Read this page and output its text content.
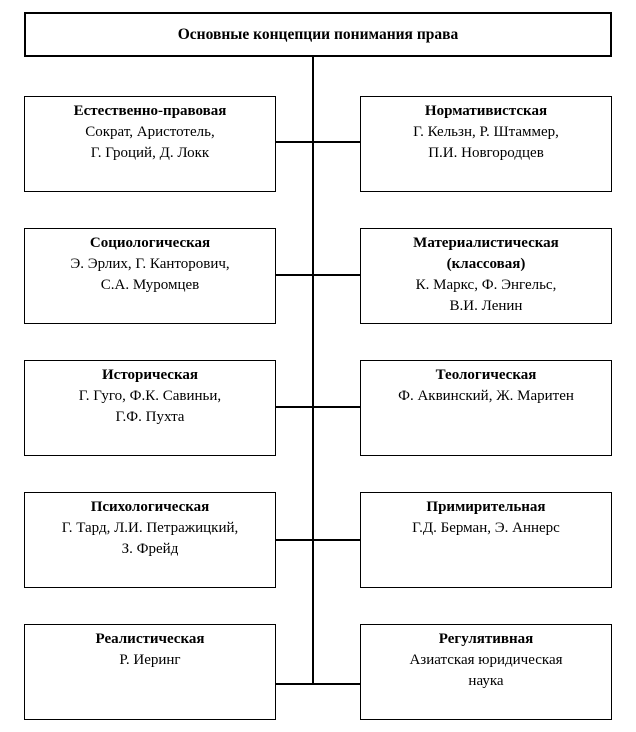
Основные концепции понимания права
Естественно-правовая
Сократ, Аристотель,
Г. Гроций, Д. Локк
Социологическая
Э. Эрлих, Г. Канторович,
С.А. Муромцев
Историческая
Г. Гуго, Ф.К. Савиньи,
Г.Ф. Пухта
Психологическая
Г. Тард, Л.И. Петражицкий,
З. Фрейд
Реалистическая
Р. Иеринг
Нормативистская
Г. Кельзн, Р. Штаммер,
П.И. Новгородцев
Материалистическая
(классовая)
К. Маркс, Ф. Энгельс,
В.И. Ленин
Теологическая
Ф. Аквинский, Ж. Маритен
Примирительная
Г.Д. Берман, Э. Аннерс
Регулятивная
Азиатская юридическая
наука
